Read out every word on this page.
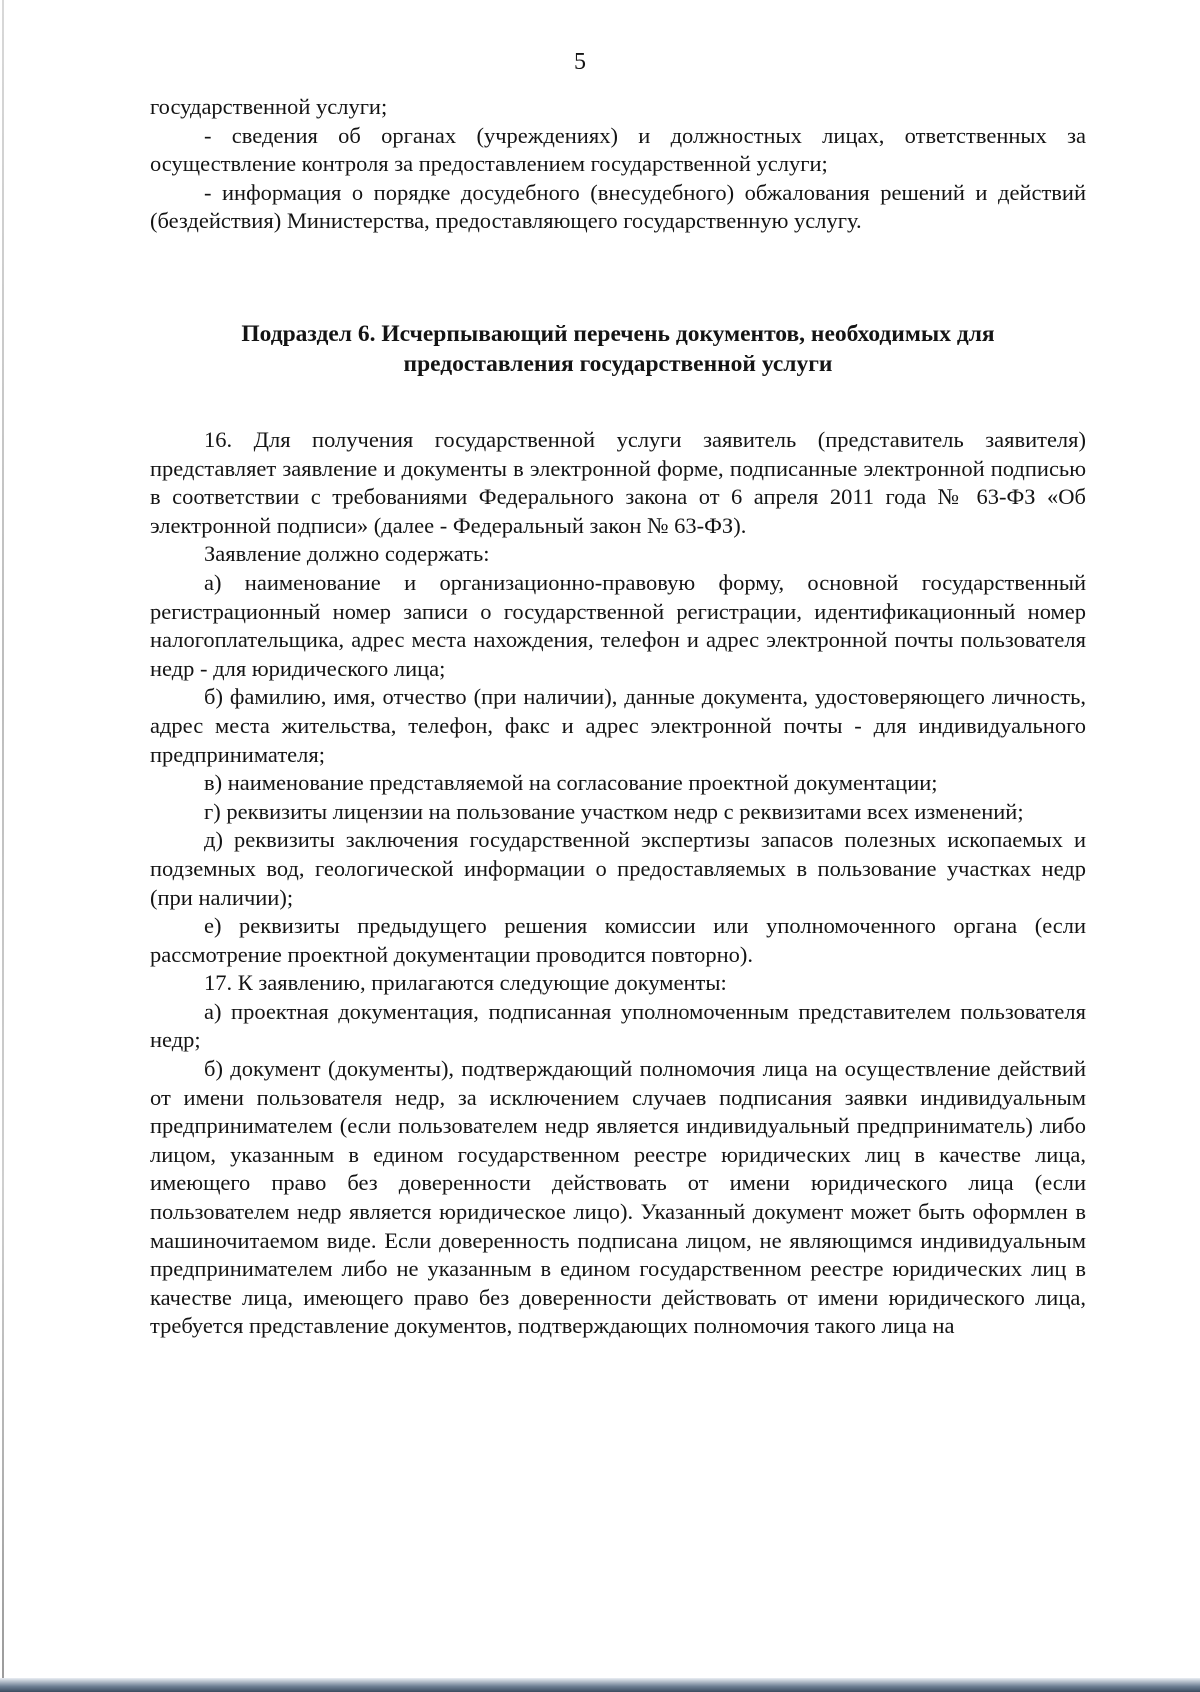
5

государственной услуги;

- сведения об органах (учреждениях) и должностных лицах, ответственных за осуществление контроля за предоставлением государственной услуги;

- информация о порядке досудебного (внесудебного) обжалования решений и действий (бездействия) Министерства, предоставляющего государственную услугу.

Подраздел 6. Исчерпывающий перечень документов, необходимых для
предоставления государственной услуги

16. Для получения государственной услуги заявитель (представитель заявителя) представляет заявление и документы в электронной форме, подписанные электронной подписью в соответствии с требованиями Федерального закона от 6 апреля 2011 года № 63-ФЗ «Об электронной подписи» (далее - Федеральный закон № 63-ФЗ).

Заявление должно содержать:

а) наименование и организационно-правовую форму, основной государственный регистрационный номер записи о государственной регистрации, идентификационный номер налогоплательщика, адрес места нахождения, телефон и адрес электронной почты пользователя недр - для юридического лица;

б) фамилию, имя, отчество (при наличии), данные документа, удостоверяющего личность, адрес места жительства, телефон, факс и адрес электронной почты - для индивидуального предпринимателя;

в) наименование представляемой на согласование проектной документации;

г) реквизиты лицензии на пользование участком недр с реквизитами всех изменений;

д) реквизиты заключения государственной экспертизы запасов полезных ископаемых и подземных вод, геологической информации о предоставляемых в пользование участках недр (при наличии);

е) реквизиты предыдущего решения комиссии или уполномоченного органа (если рассмотрение проектной документации проводится повторно).

17. К заявлению, прилагаются следующие документы:

а) проектная документация, подписанная уполномоченным представителем пользователя недр;

б) документ (документы), подтверждающий полномочия лица на осуществление действий от имени пользователя недр, за исключением случаев подписания заявки индивидуальным предпринимателем (если пользователем недр является индивидуальный предприниматель) либо лицом, указанным в едином государственном реестре юридических лиц в качестве лица, имеющего право без доверенности действовать от имени юридического лица (если пользователем недр является юридическое лицо). Указанный документ может быть оформлен в машиночитаемом виде. Если доверенность подписана лицом, не являющимся индивидуальным предпринимателем либо не указанным в едином государственном реестре юридических лиц в качестве лица, имеющего право без доверенности действовать от имени юридического лица, требуется представление документов, подтверждающих полномочия такого лица на
